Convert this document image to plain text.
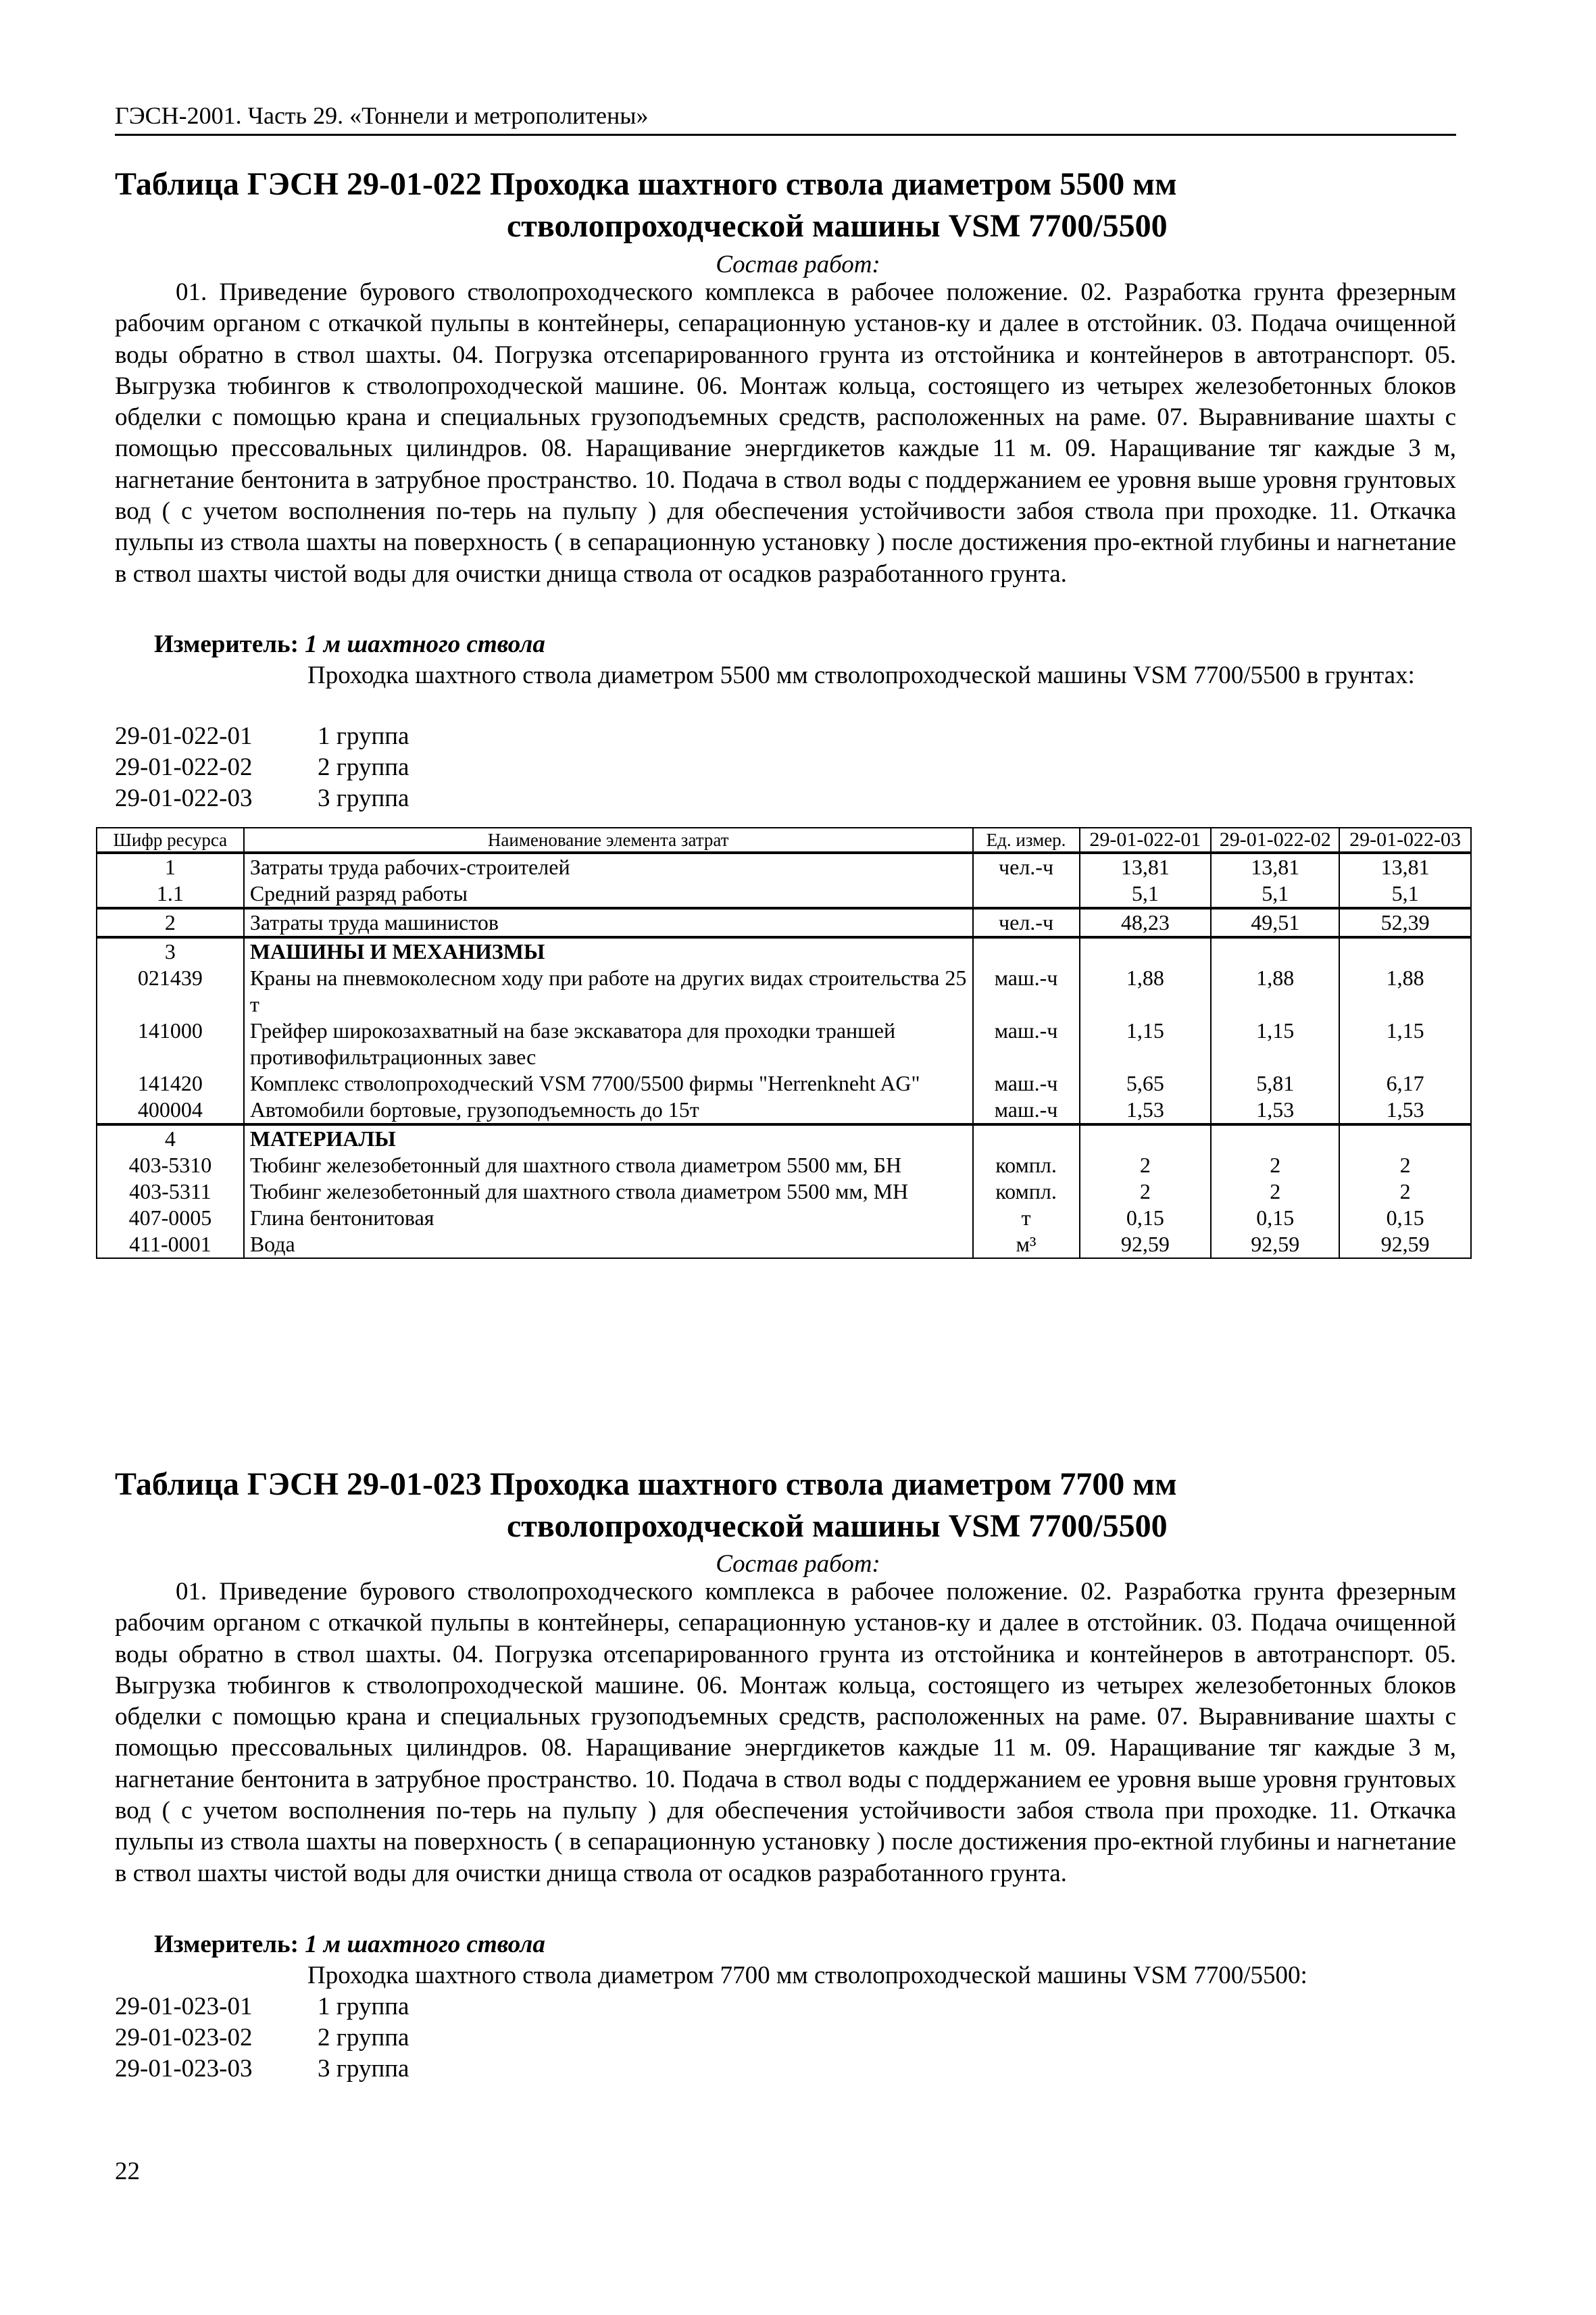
ГЭСН-2001. Часть 29. «Тоннели и метрополитены»
Таблица ГЭСН 29-01-022 Проходка шахтного ствола диаметром 5500 мм
стволопроходческой машины VSM 7700/5500
Состав работ:
01. Приведение бурового стволопроходческого комплекса в рабочее положение. 02. Разработка грунта фрезерным рабочим органом с откачкой пульпы в контейнеры, сепарационную установ-ку и далее в отстойник. 03. Подача очищенной воды обратно в ствол шахты. 04. Погрузка отсепарированного грунта из отстойника и контейнеров в автотранспорт. 05. Выгрузка тюбингов к стволопроходческой машине. 06. Монтаж кольца, состоящего из четырех железобетонных блоков обделки с помощью крана и специальных грузоподъемных средств, расположенных на раме. 07. Выравнивание шахты с помощью прессовальных цилиндров. 08. Наращивание энергдикетов каждые 11 м. 09. Наращивание тяг каждые 3 м, нагнетание бентонита в затрубное пространство. 10. Подача в ствол воды с поддержанием ее уровня выше уровня грунтовых вод ( с учетом восполнения по-терь на пульпу ) для обеспечения устойчивости забоя ствола при проходке. 11. Откачка пульпы из ствола шахты на поверхность ( в сепарационную установку ) после достижения про-ектной глубины и нагнетание в ствол шахты чистой воды для очистки днища ствола от осадков разработанного грунта.
Измеритель: 1 м шахтного ствола
Проходка шахтного ствола диаметром 5500 мм стволопроходческой машины VSM 7700/5500 в грунтах:
29-01-022-01	1 группа
29-01-022-02	2 группа
29-01-022-03	3 группа
Шифр ресурса	Наименование элемента затрат	Ед. измер.	29-01-022-01	29-01-022-02	29-01-022-03
1	Затраты труда рабочих-строителей	чел.-ч	13,81	13,81	13,81
1.1	Средний разряд работы		5,1	5,1	5,1
2	Затраты труда машинистов	чел.-ч	48,23	49,51	52,39
3	МАШИНЫ И МЕХАНИЗМЫ				
021439	Краны на пневмоколесном ходу при работе на других видах строительства 25 т	маш.-ч	1,88	1,88	1,88
141000	Грейфер широкозахватный на базе экскаватора для проходки траншей противофильтрационных завес	маш.-ч	1,15	1,15	1,15
141420	Комплекс стволопроходческий VSM 7700/5500 фирмы "Herrenkneht AG"	маш.-ч	5,65	5,81	6,17
400004	Автомобили бортовые, грузоподъемность до 15т	маш.-ч	1,53	1,53	1,53
4	МАТЕРИАЛЫ				
403-5310	Тюбинг железобетонный для шахтного ствола диаметром 5500 мм, БН	компл.	2	2	2
403-5311	Тюбинг железобетонный для шахтного ствола диаметром 5500 мм, МН	компл.	2	2	2
407-0005	Глина бентонитовая	т	0,15	0,15	0,15
411-0001	Вода	м³	92,59	92,59	92,59
Таблица ГЭСН 29-01-023 Проходка шахтного ствола диаметром 7700 мм
стволопроходческой машины VSM 7700/5500
Состав работ:
01. Приведение бурового стволопроходческого комплекса в рабочее положение. 02. Разработка грунта фрезерным рабочим органом с откачкой пульпы в контейнеры, сепарационную установ-ку и далее в отстойник. 03. Подача очищенной воды обратно в ствол шахты. 04. Погрузка отсепарированного грунта из отстойника и контейнеров в автотранспорт. 05. Выгрузка тюбингов к стволопроходческой машине. 06. Монтаж кольца, состоящего из четырех железобетонных блоков обделки с помощью крана и специальных грузоподъемных средств, расположенных на раме. 07. Выравнивание шахты с помощью прессовальных цилиндров. 08. Наращивание энергдикетов каждые 11 м. 09. Наращивание тяг каждые 3 м, нагнетание бентонита в затрубное пространство. 10. Подача в ствол воды с поддержанием ее уровня выше уровня грунтовых вод ( с учетом восполнения по-терь на пульпу ) для обеспечения устойчивости забоя ствола при проходке. 11. Откачка пульпы из ствола шахты на поверхность ( в сепарационную установку ) после достижения про-ектной глубины и нагнетание в ствол шахты чистой воды для очистки днища ствола от осадков разработанного грунта.
Измеритель: 1 м шахтного ствола
Проходка шахтного ствола диаметром 7700 мм стволопроходческой машины VSM 7700/5500:
29-01-023-01	1 группа
29-01-023-02	2 группа
29-01-023-03	3 группа
22
